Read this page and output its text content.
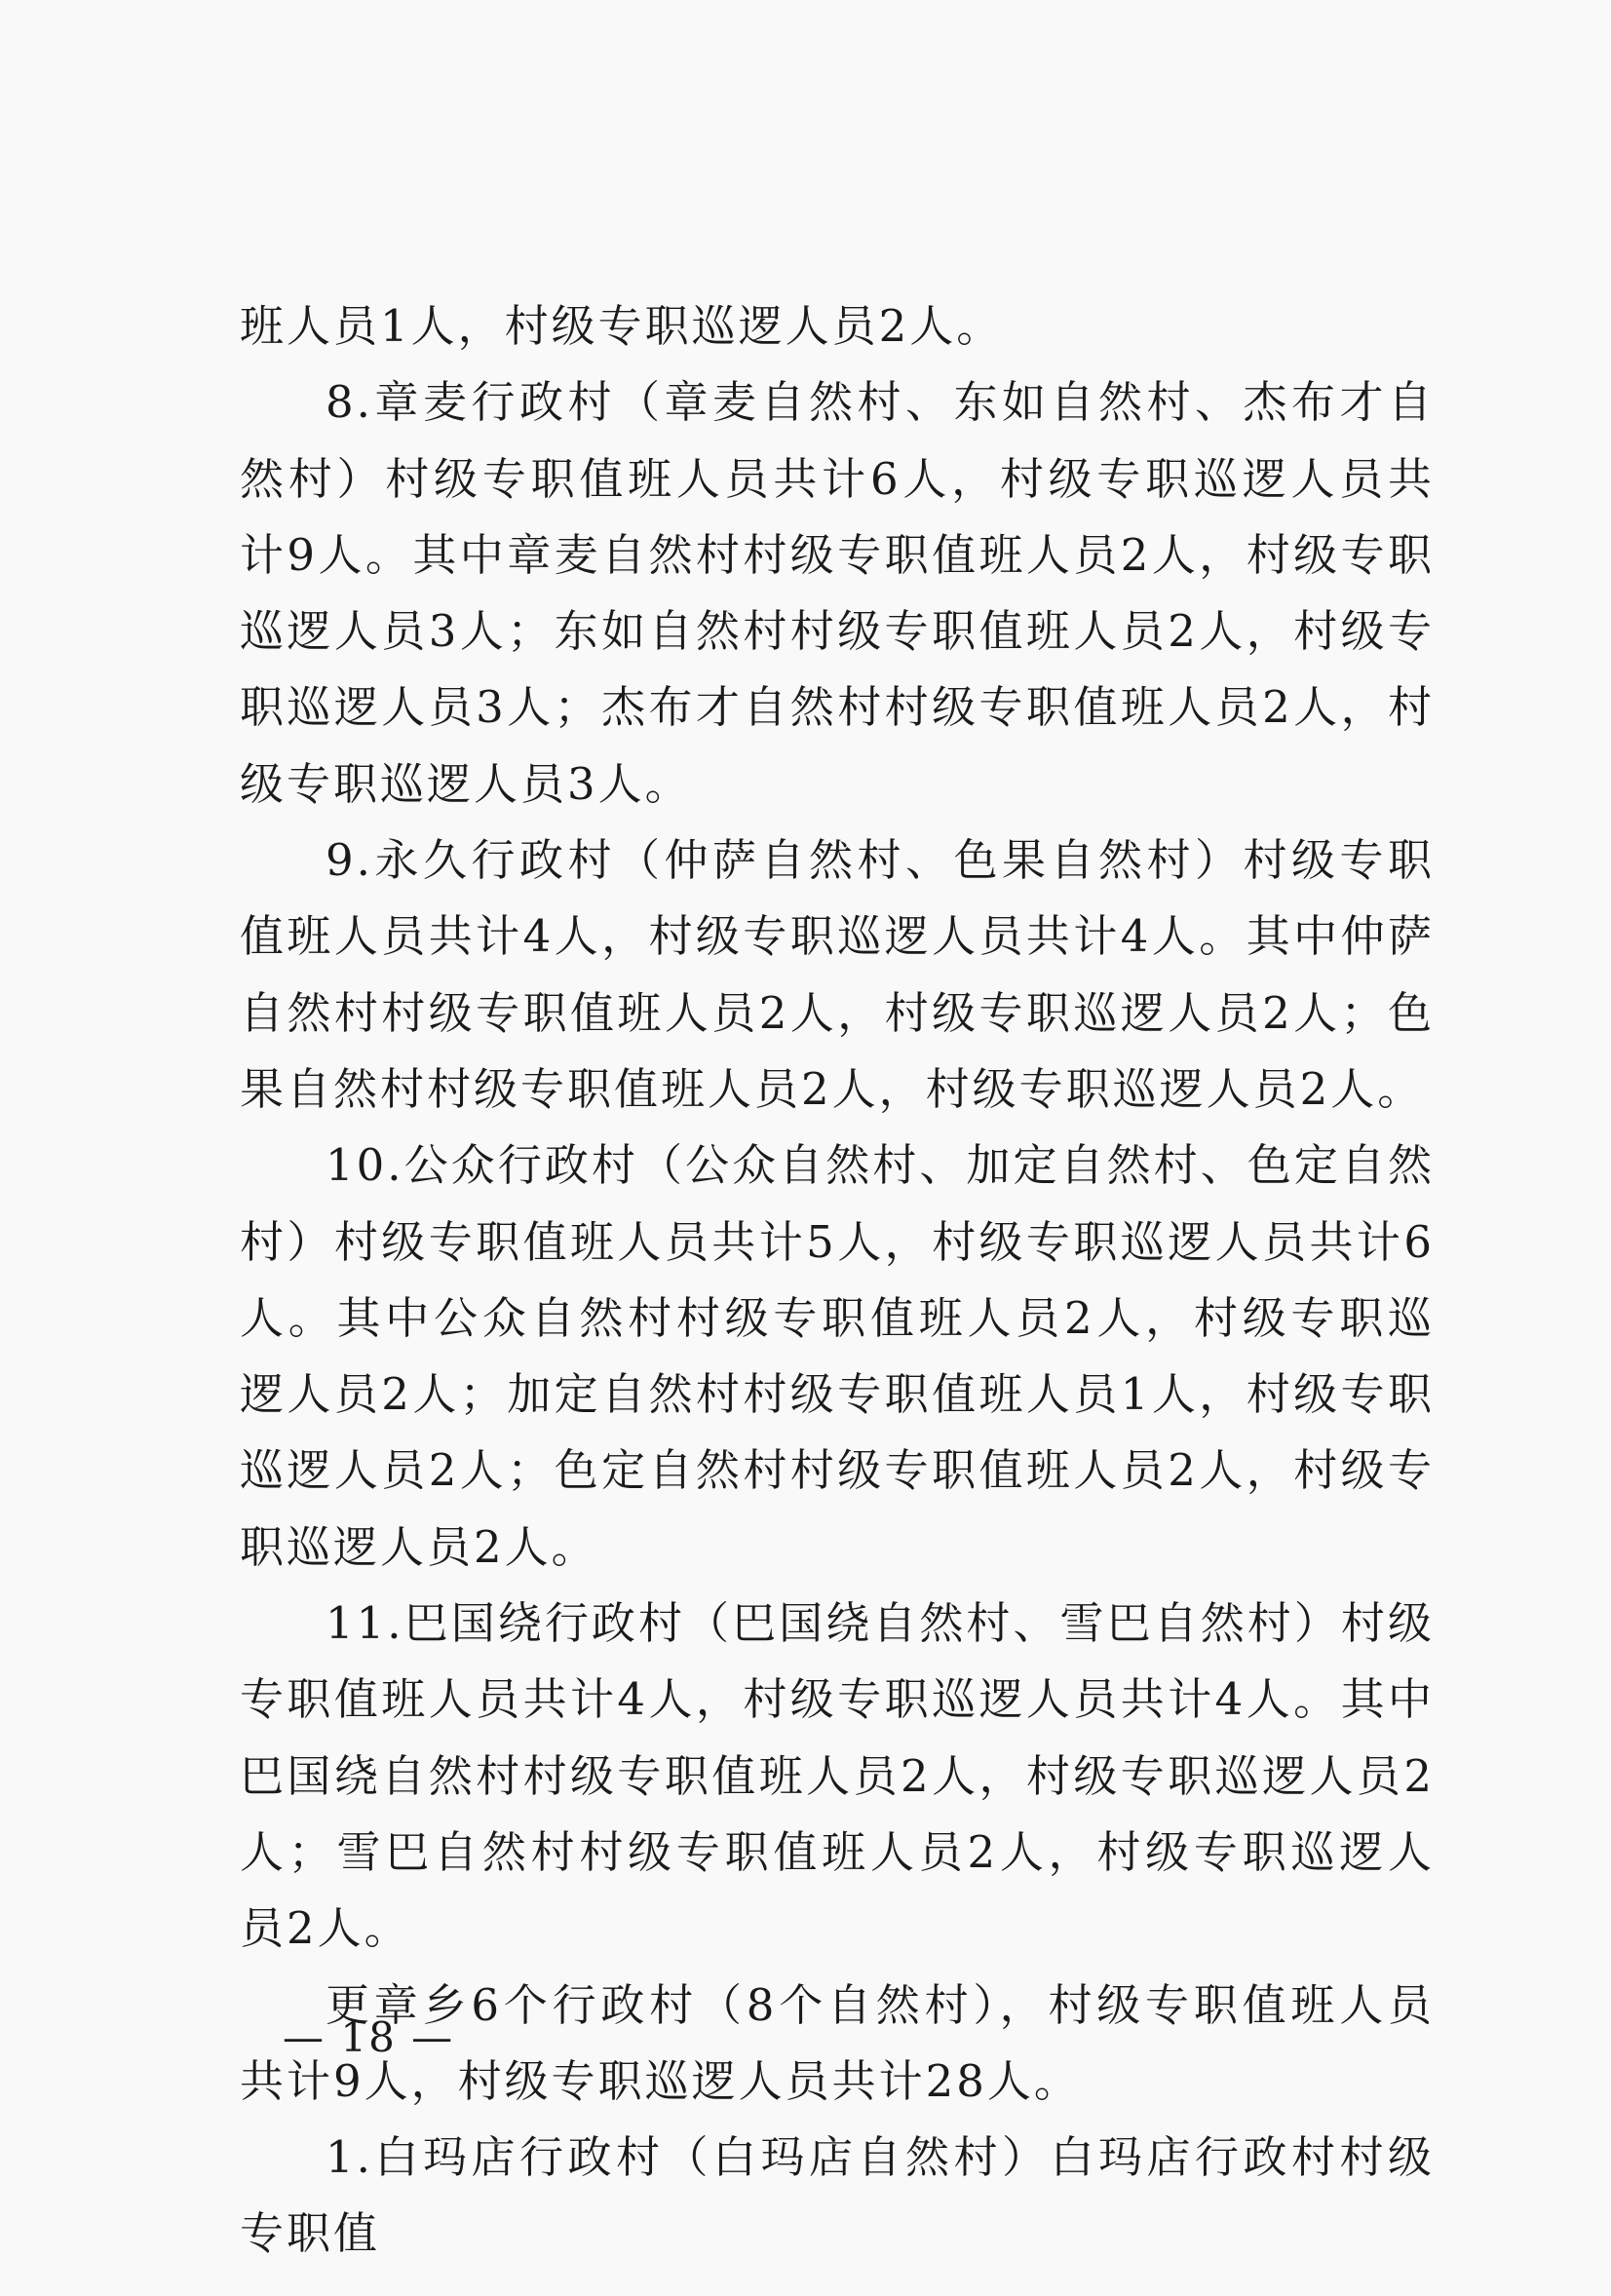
班人员1人，村级专职巡逻人员2人。

8.章麦行政村（章麦自然村、东如自然村、杰布才自然村）村级专职值班人员共计6人，村级专职巡逻人员共计9人。其中章麦自然村村级专职值班人员2人，村级专职巡逻人员3人；东如自然村村级专职值班人员2人，村级专职巡逻人员3人；杰布才自然村村级专职值班人员2人，村级专职巡逻人员3人。

9.永久行政村（仲萨自然村、色果自然村）村级专职值班人员共计4人，村级专职巡逻人员共计4人。其中仲萨自然村村级专职值班人员2人，村级专职巡逻人员2人；色果自然村村级专职值班人员2人，村级专职巡逻人员2人。

10.公众行政村（公众自然村、加定自然村、色定自然村）村级专职值班人员共计5人，村级专职巡逻人员共计6人。其中公众自然村村级专职值班人员2人，村级专职巡逻人员2人；加定自然村村级专职值班人员1人，村级专职巡逻人员2人；色定自然村村级专职值班人员2人，村级专职巡逻人员2人。

11.巴国绕行政村（巴国绕自然村、雪巴自然村）村级专职值班人员共计4人，村级专职巡逻人员共计4人。其中巴国绕自然村村级专职值班人员2人，村级专职巡逻人员2人；雪巴自然村村级专职值班人员2人，村级专职巡逻人员2人。

更章乡6个行政村（8个自然村），村级专职值班人员共计9人，村级专职巡逻人员共计28人。

1.白玛店行政村（白玛店自然村）白玛店行政村村级专职值

— 18 —
